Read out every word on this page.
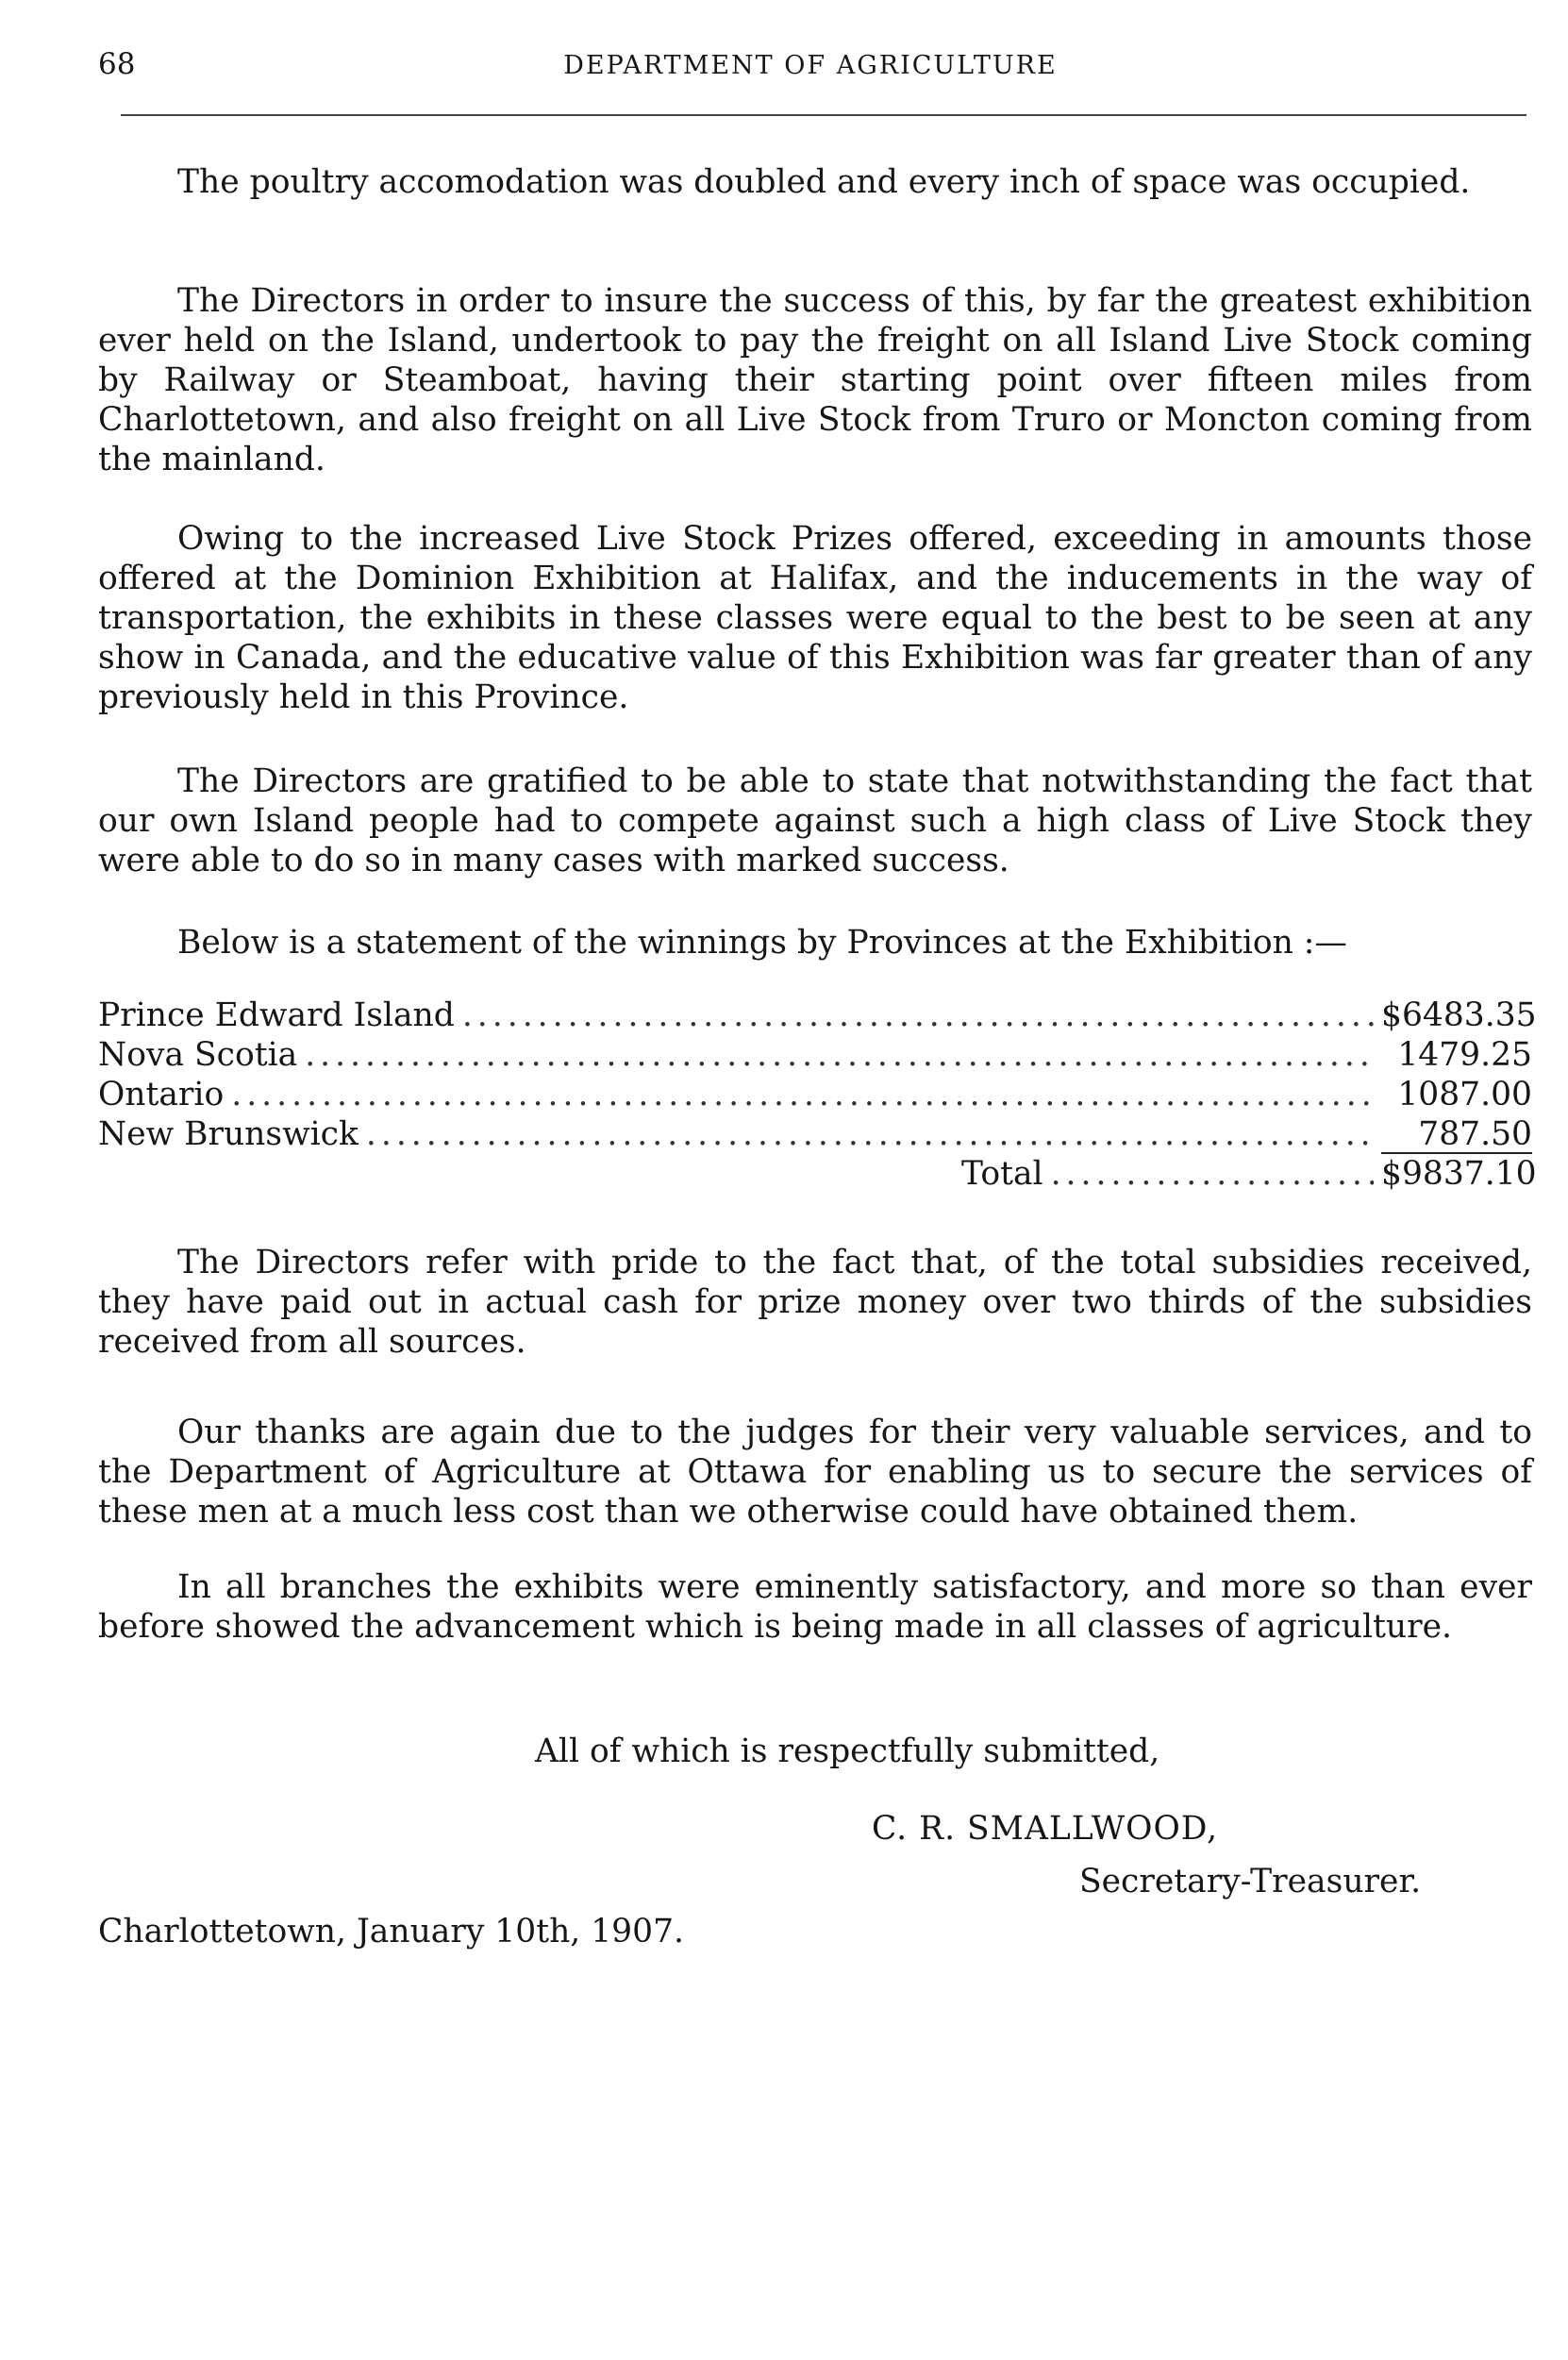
68	DEPARTMENT OF AGRICULTURE

The poultry accomodation was doubled and every inch of space was occupied.

The Directors in order to insure the success of this, by far the greatest exhibition ever held on the Island, undertook to pay the freight on all Island Live Stock coming by Railway or Steamboat, having their starting point over fifteen miles from Charlottetown, and also freight on all Live Stock from Truro or Moncton coming from the mainland.

Owing to the increased Live Stock Prizes offered, exceeding in amounts those offered at the Dominion Exhibition at Halifax, and the inducements in the way of transportation, the exhibits in these classes were equal to the best to be seen at any show in Canada, and the educative value of this Exhibition was far greater than of any previously held in this Province.

The Directors are gratified to be able to state that notwithstanding the fact that our own Island people had to compete against such a high class of Live Stock they were able to do so in many cases with marked success.

Below is a statement of the winnings by Provinces at the Exhibition :—

Prince Edward Island .....	$6483.35
Nova Scotia .....	1479.25
Ontario .....	1087.00
New Brunswick .....	787.50
Total .....	$9837.10

The Directors refer with pride to the fact that, of the total subsidies received, they have paid out in actual cash for prize money over two thirds of the subsidies received from all sources.

Our thanks are again due to the judges for their very valuable services, and to the Department of Agriculture at Ottawa for enabling us to secure the services of these men at a much less cost than we otherwise could have obtained them.

In all branches the exhibits were eminently satisfactory, and more so than ever before showed the advancement which is being made in all classes of agriculture.

All of which is respectfully submitted,
C. R. SMALLWOOD,
Secretary-Treasurer.
Charlottetown, January 10th, 1907.
